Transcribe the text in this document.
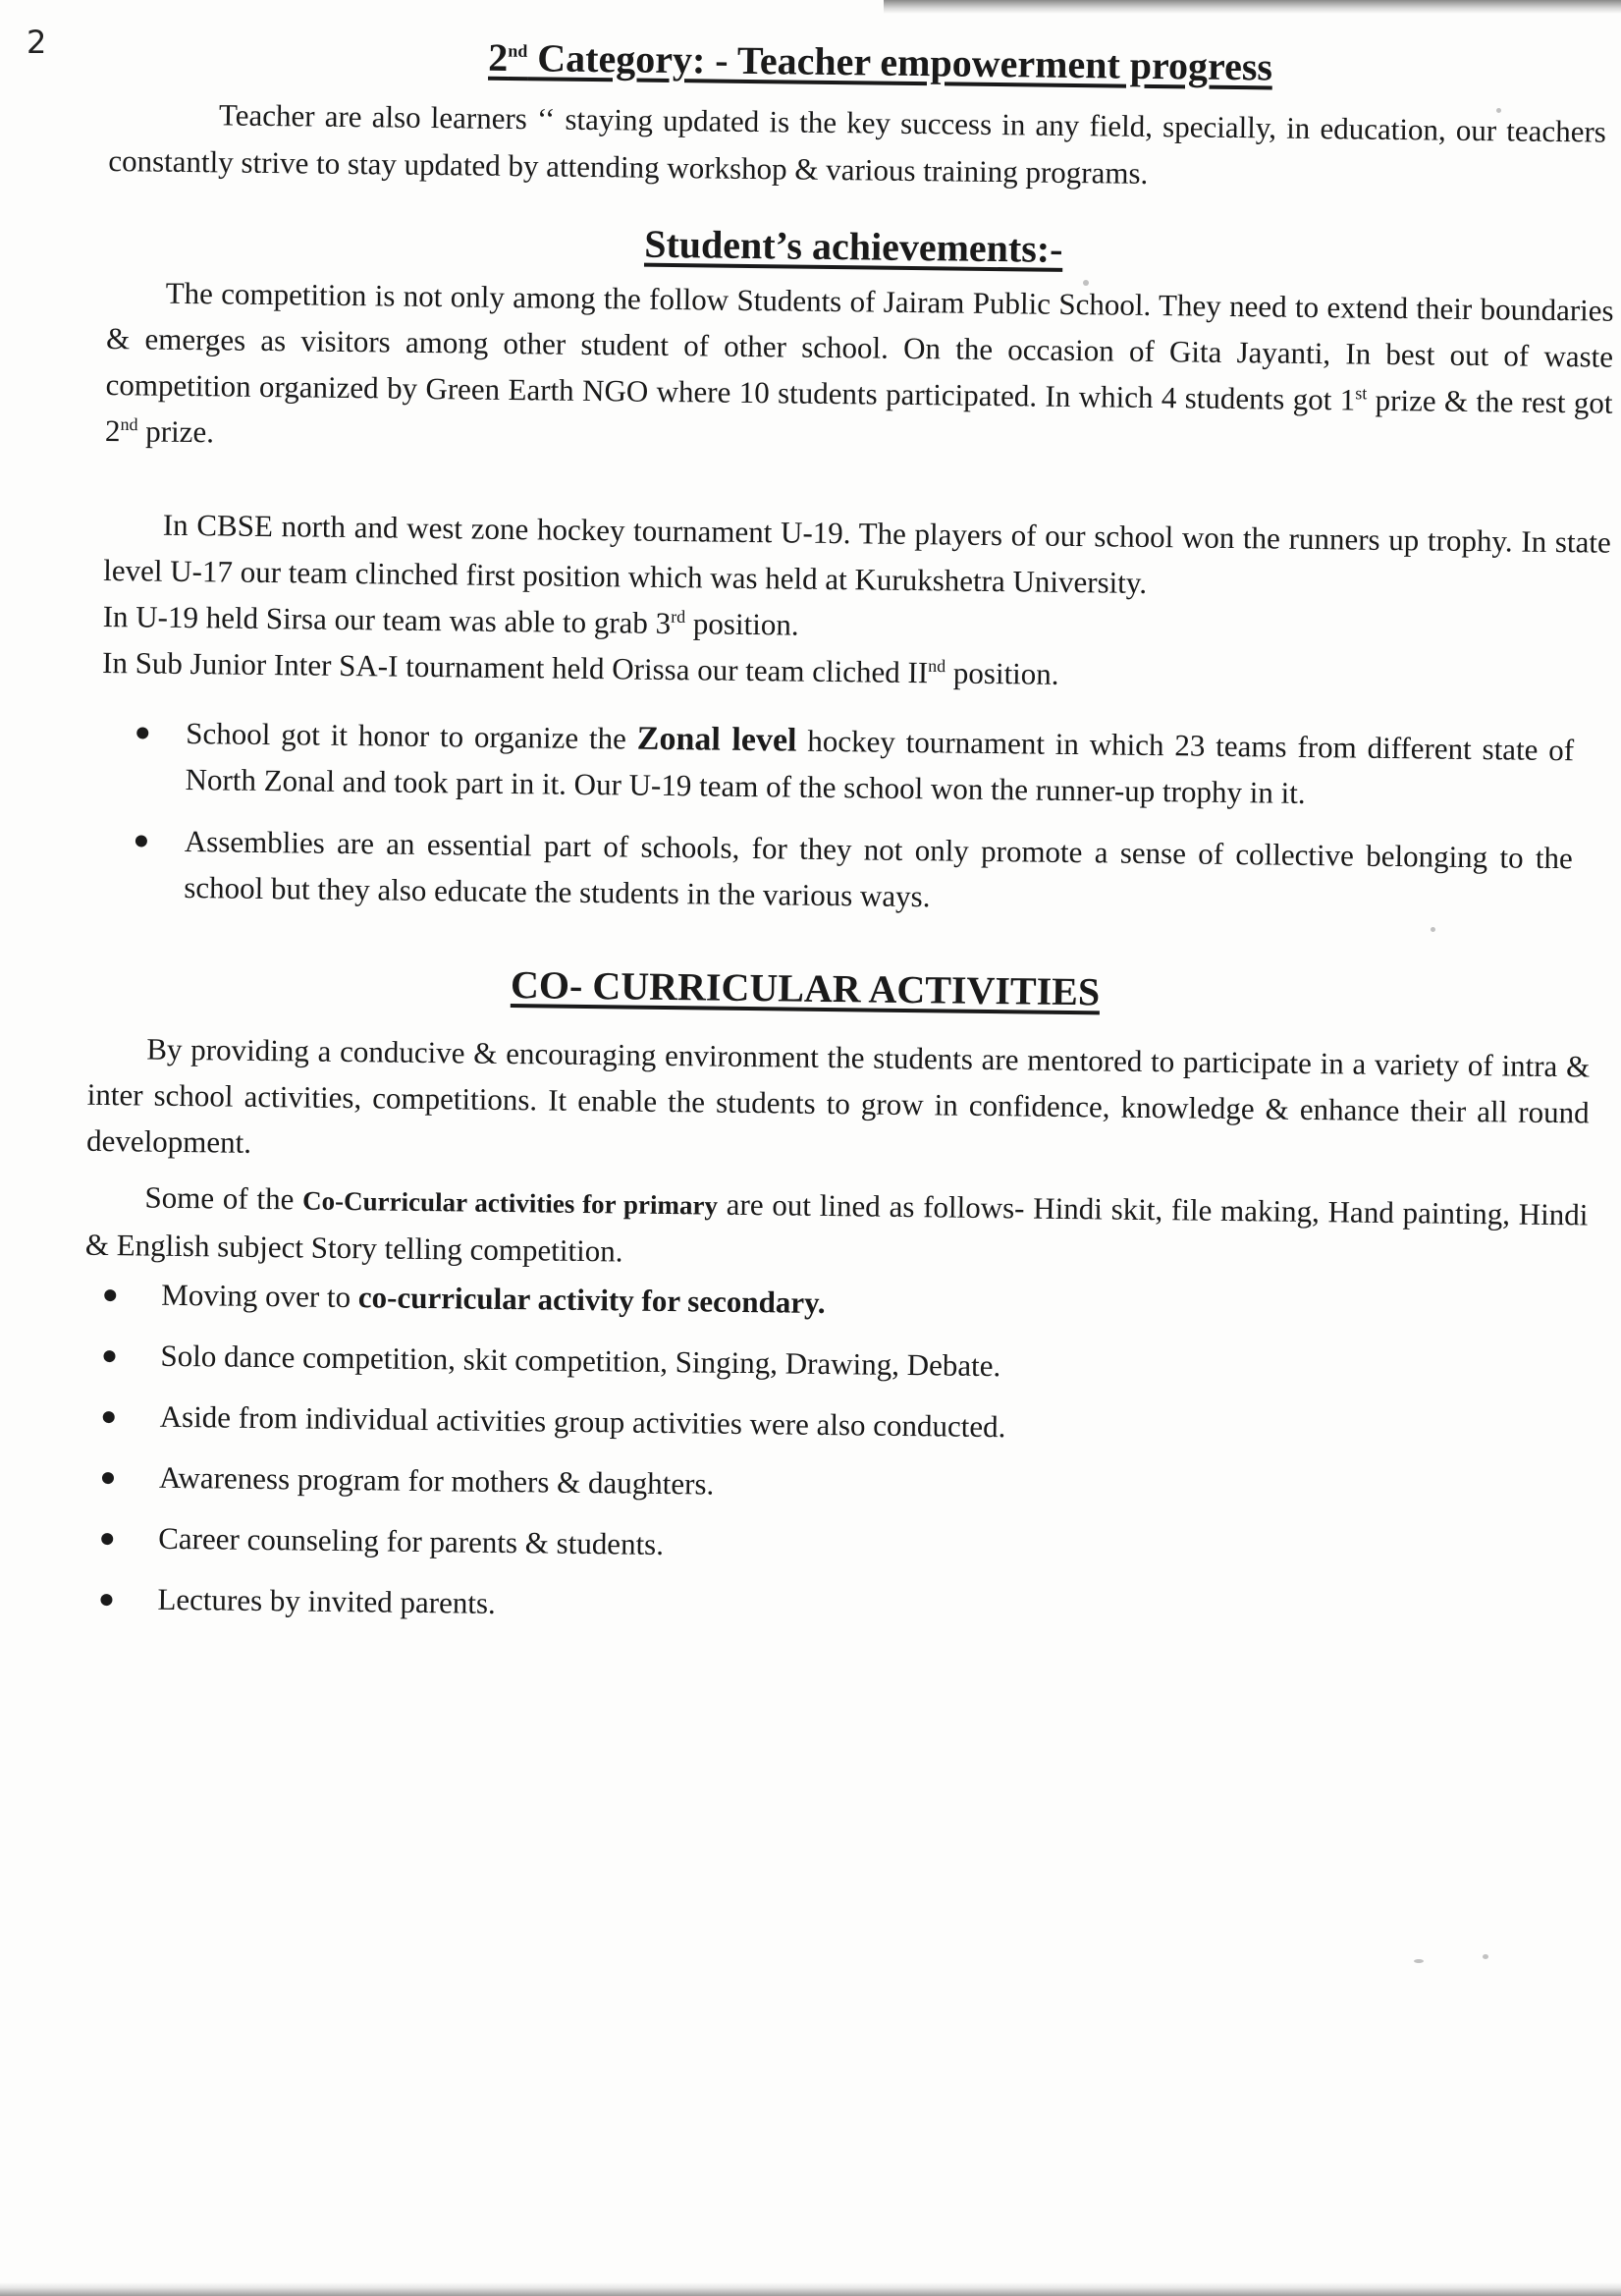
2	2nd Category: - Teacher empowerment progress

Teacher are also learners ‘‘ staying updated is the key success in any field, specially, in education, our teachers constantly strive to stay updated by attending workshop & various training programs.

Student’s achievements:-

The competition is not only among the follow Students of Jairam Public School. They need to extend their boundaries & emerges as visitors among other student of other school. On the occasion of Gita Jayanti, In best out of waste competition organized by Green Earth NGO where 10 students participated. In which 4 students got 1st prize & the rest got 2nd prize.

In CBSE north and west zone hockey tournament U-19. The players of our school won the runners up trophy. In state level U-17 our team clinched first position which was held at Kurukshetra University.

In U-19 held Sirsa our team was able to grab 3rd position.

In Sub Junior Inter SA-I tournament held Orissa our team cliched IInd position.

School got it honor to organize the Zonal level hockey tournament in which 23 teams from different state of North Zonal and took part in it. Our U-19 team of the school won the runner-up trophy in it.
Assemblies are an essential part of schools, for they not only promote a sense of collective belonging to the school but they also educate the students in the various ways.
CO- CURRICULAR ACTIVITIES

By providing a conducive & encouraging environment the students are mentored to participate in a variety of intra & inter school activities, competitions. It enable the students to grow in confidence, knowledge & enhance their all round development.

Some of the Co-Curricular activities for primary are out lined as follows- Hindi skit, file making, Hand painting, Hindi & English subject Story telling competition.

Moving over to co-curricular activity for secondary.
Solo dance competition, skit competition, Singing, Drawing, Debate.
Aside from individual activities group activities were also conducted.
Awareness program for mothers & daughters.
Career counseling for parents & students.
Lectures by invited parents.
